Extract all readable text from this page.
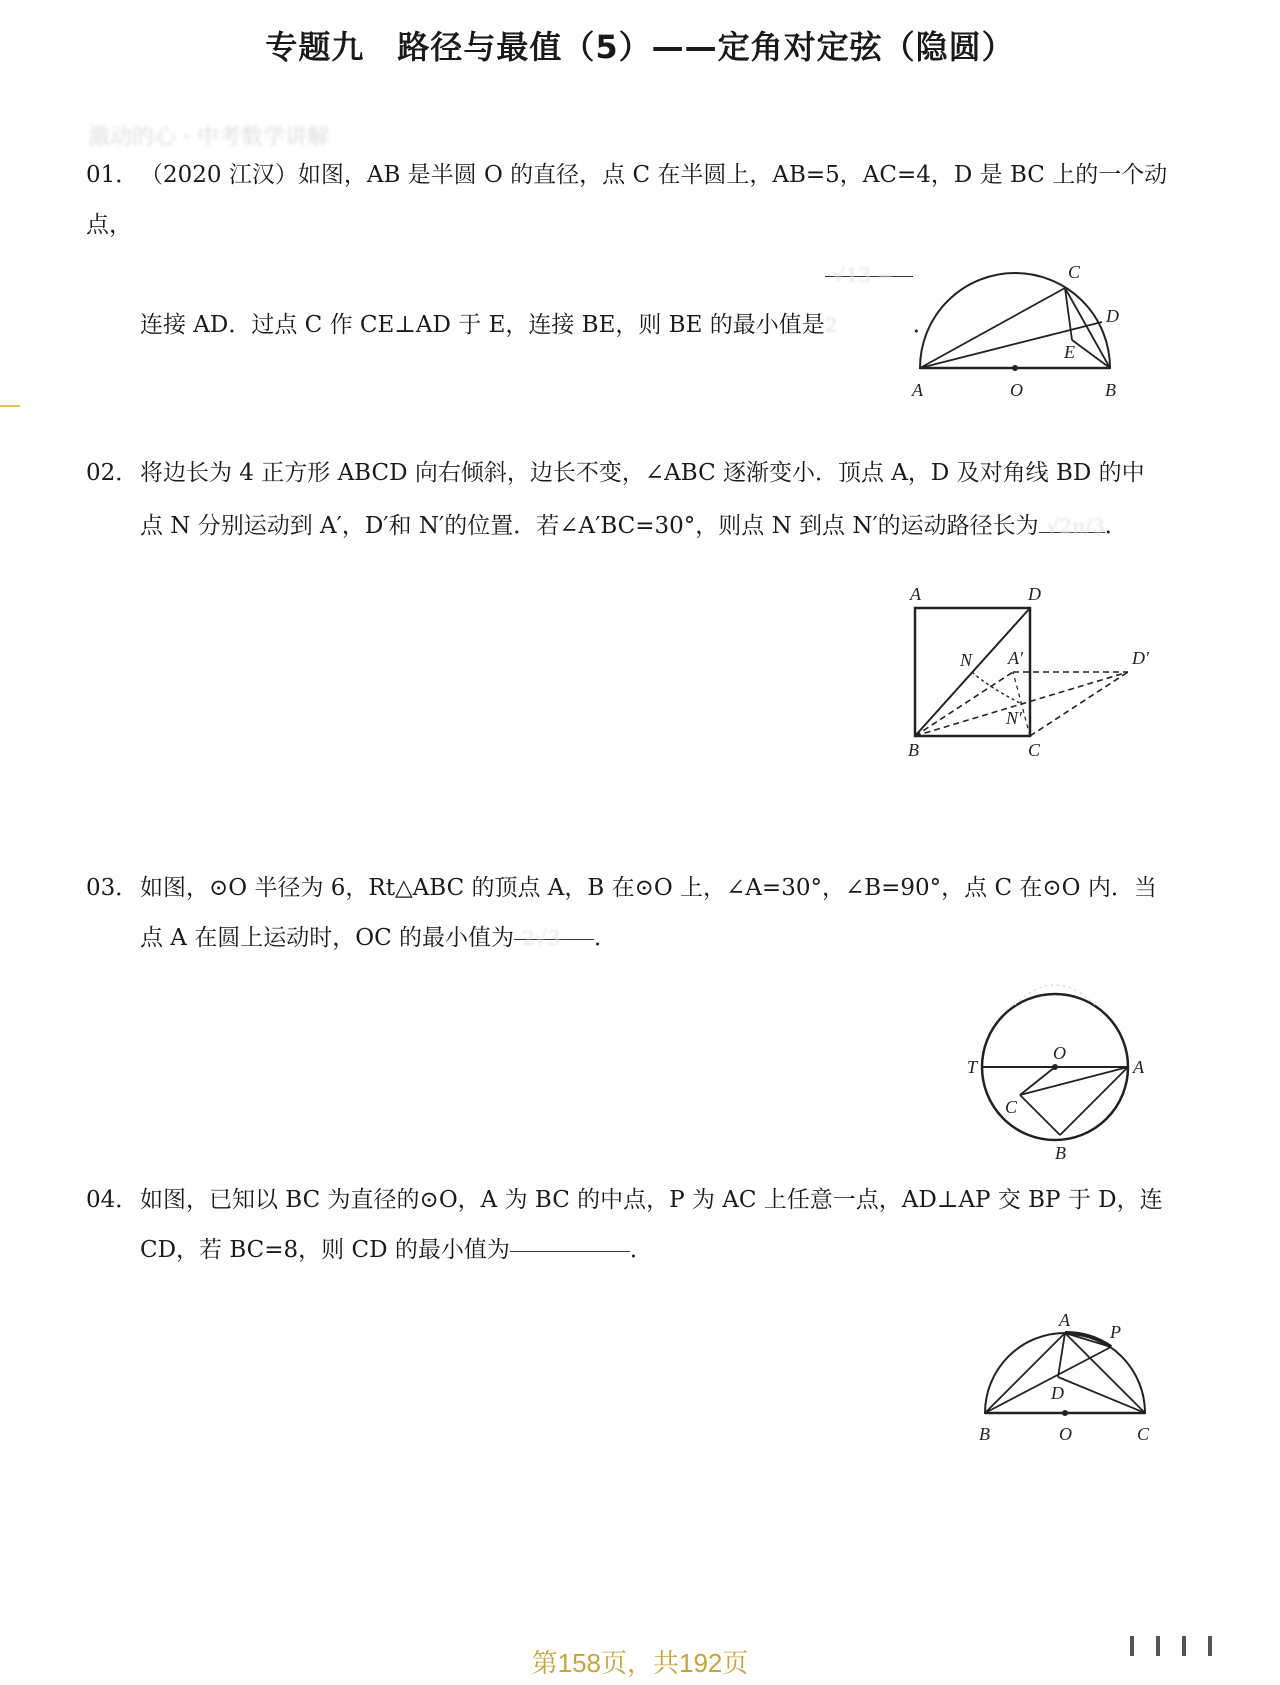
专题九　路径与最值（5）——定角对定弦（隐圆）
激动的心 · 中考数学讲解
01．（2020 江汉）如图，AB 是半圆 O 的直径，点 C 在半圆上，AB=5，AC=4，D 是 BC 上的一个动点，
连接 AD．过点 C 作 CE⊥AD 于 E，连接 BE，则 BE 的最小值是√13 − 2	．
A	O	B
C
D
E
02．将边长为 4 正方形 ABCD 向右倾斜，边长不变，∠ABC 逐渐变小．顶点 A，D 及对角线 BD 的中
点 N 分别运动到 A′，D′和 N′的位置．若∠A′BC=30°，则点 N 到点 N′的运动路径长为 √2π/3．
A	D
N A′	D′
N′
B	C
03．如图，⊙O 半径为 6，Rt△ABC 的顶点 A，B 在⊙O 上，∠A=30°，∠B=90°，点 C 在⊙O 内．当
点 A 在圆上运动时，OC 的最小值为 2√3 ．
T
O
A
C
B
04．如图，已知以 BC 为直径的⊙O，A 为 BC 的中点，P 为 AC 上任意一点，AD⊥AP 交 BP 于 D，连
CD，若 BC=8，则 CD 的最小值为	．
A
P
D
B	O	C
第158页，共192页
